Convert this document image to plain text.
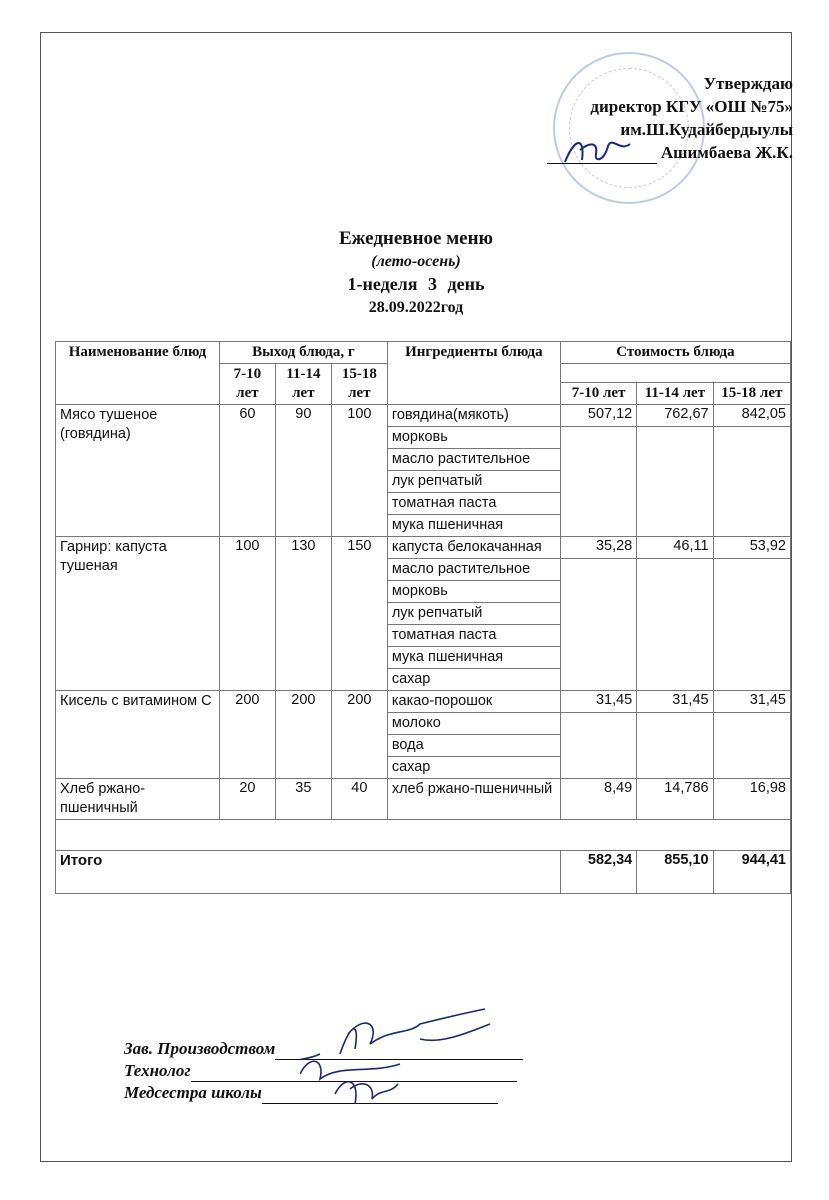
Утверждаю
директор КГУ «ОШ №75»
им.Ш.Кудайбердыулы
Ашимбаева Ж.К.
Ежедневное меню
(лето-осень)
1-неделя 3 день
28.09.2022год
Наименование блюд	Выход блюда, г			Ингредиенты блюда	Стоимость блюда		
	7-10 лет	11-14 лет	15-18 лет				
					7-10 лет	11-14 лет	15-18 лет
Мясо тушеное (говядина)	60	90	100	говядина(мякоть)	507,12	762,67	842,05
				морковь			
				масло растительное			
				лук репчатый			
				томатная паста			
				мука пшеничная			
Гарнир: капуста тушеная	100	130	150	капуста белокачанная	35,28	46,11	53,92
				масло растительное			
				морковь			
				лук репчатый			
				томатная паста			
				мука пшеничная			
				сахар			
Кисель с витамином С	200	200	200	какао-порошок	31,45	31,45	31,45
				молоко			
				вода			
				сахар			
Хлеб ржано-пшеничный	20	35	40	хлеб ржано-пшеничный	8,49	14,786	16,98

Итого					582,34	855,10	944,41
Зав. Производством
Технолог
Медсестра школы
